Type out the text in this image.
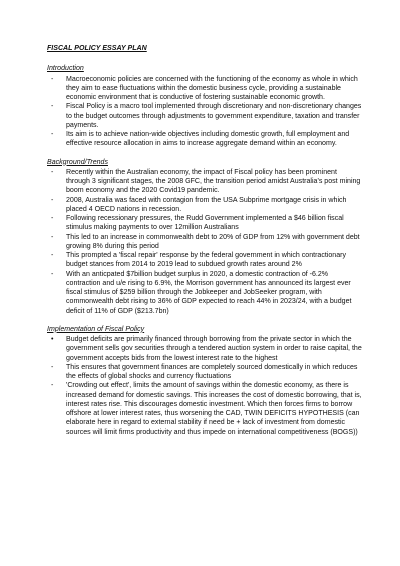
FISCAL POLICY ESSAY PLAN
Introduction
- Macroeconomic policies are concerned with the functioning of the economy as whole in which they aim to ease fluctuations within the domestic business cycle, providing a sustainable economic environment that is conductive of fostering sustainable economic growth.
- Fiscal Policy is a macro tool implemented through discretionary and non-discretionary changes to the budget outcomes through adjustments to government expenditure, taxation and transfer payments.
- Its aim is to achieve nation-wide objectives including domestic growth, full employment and effective resource allocation in aims to increase aggregate demand within an economy.
Background/Trends
- Recently within the Australian economy, the impact of Fiscal policy has been prominent through 3 significant stages, the 2008 GFC, the transition period amidst Australia's post mining boom economy and the 2020 Covid19 pandemic.
- 2008, Australia was faced with contagion from the USA Subprime mortgage crisis in which placed 4 OECD nations in recession.
- Following recessionary pressures, the Rudd Government implemented a $46 billion fiscal stimulus making payments to over 12million Australians
- This led to an increase in commonwealth debt to 20% of GDP from 12% with government debt growing 8% during this period
- This prompted a 'fiscal repair' response by the federal government in which contractionary budget stances from 2014 to 2019 lead to subdued growth rates around 2%
- With an anticpated $7billion budget surplus in 2020, a domestic contraction of -6.2% contraction and u/e rising to 6.9%, the Morrison government has announced its largest ever fiscal stimulus of $259 billion through the Jobkeeper and JobSeeker program, with commonwealth debt rising to 36% of GDP expected to reach 44% in 2023/24, with a budget deficit of 11% of GDP ($213.7bn)
Implementation of Fiscal Policy
• Budget deficits are primarily financed through borrowing from the private sector in which the government sells gov securities through a tendered auction system in order to raise capital, the government accepts bids from the lowest interest rate to the highest
- This ensures that government finances are completely sourced domestically in which reduces the effects of global shocks and currency fluctuations
- 'Crowding out effect', limits the amount of savings within the domestic economy, as there is increased demand for domestic savings. This increases the cost of domestic borrowing, that is, interest rates rise. This discourages domestic investment. Which then forces firms to borrow offshore at lower interest rates, thus worsening the CAD, TWIN DEFICITS HYPOTHESIS (can elaborate here in regard to external stability if need be + lack of investment from domestic sources will limit firms productivity and thus impede on international competitiveness (BOGS))
